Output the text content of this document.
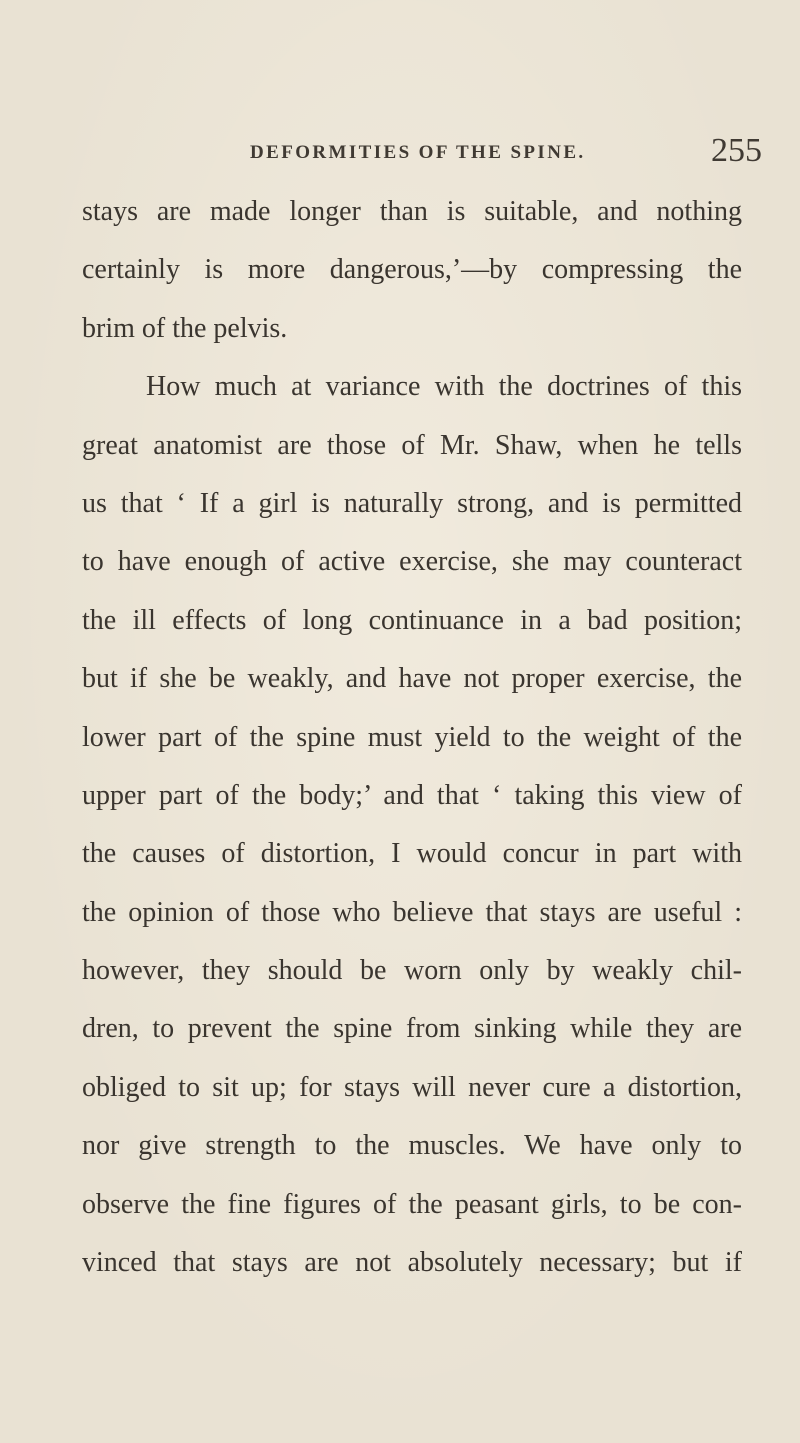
DEFORMITIES OF THE SPINE.	255
stays are made longer than is suitable, and nothing
certainly is more dangerous,’—by compressing the
brim of the pelvis.
How much at variance with the doctrines of this
great anatomist are those of Mr. Shaw, when he tells
us that ‘ If a girl is naturally strong, and is permitted
to have enough of active exercise, she may counteract
the ill effects of long continuance in a bad position;
but if she be weakly, and have not proper exercise, the
lower part of the spine must yield to the weight of the
upper part of the body;’ and that ‘ taking this view of
the causes of distortion, I would concur in part with
the opinion of those who believe that stays are useful :
however, they should be worn only by weakly chil-
dren, to prevent the spine from sinking while they are
obliged to sit up; for stays will never cure a distortion,
nor give strength to the muscles. We have only to
observe the fine figures of the peasant girls, to be con-
vinced that stays are not absolutely necessary; but if
